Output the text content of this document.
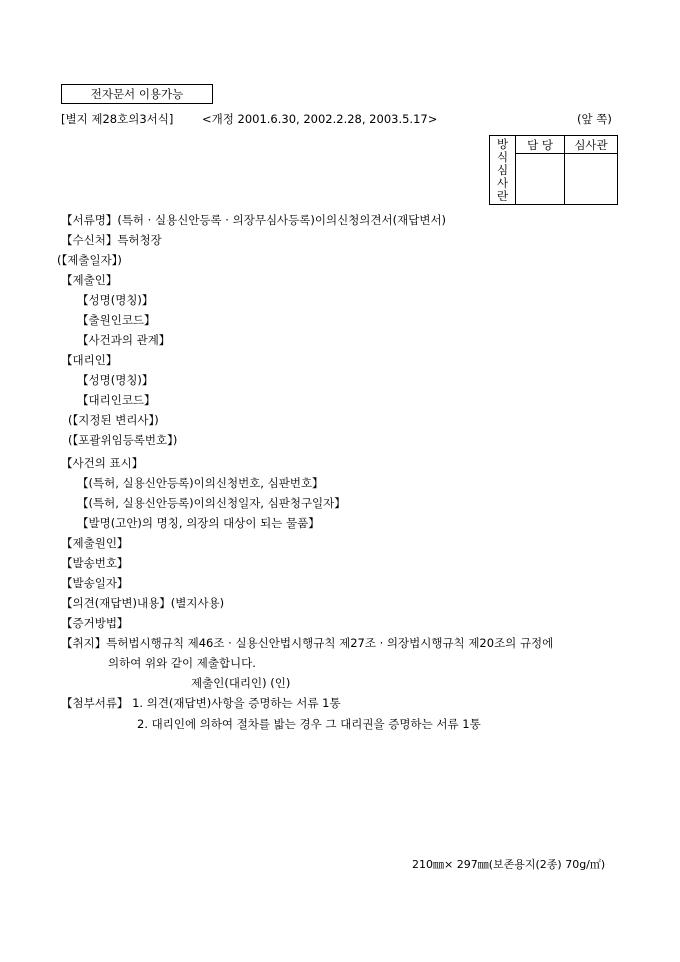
전자문서 이용가능
[별지 제28호의3서식] <개정 2001.6.30, 2002.2.28, 2003.5.17>	(앞 쪽)
방
식
심
사
란	담 당	심사관

【서류명】(특허 · 실용신안등록 · 의장무심사등록)이의신청의견서(재답변서)
【수신처】특허청장
(【제출일자】)
【제출인】
【성명(명칭)】
【출원인코드】
【사건과의 관계】
【대리인】
【성명(명칭)】
【대리인코드】
(【지정된 변리사】)
(【포괄위임등록번호】)
【사건의 표시】
【(특허, 실용신안등록)이의신청번호, 심판번호】
【(특허, 실용신안등록)이의신청일자, 심판청구일자】
【발명(고안)의 명칭, 의장의 대상이 되는 물품】
【제출원인】
【발송번호】
【발송일자】
【의견(재답변)내용】(별지사용)
【증거방법】
【취지】특허법시행규칙 제46조 · 실용신안법시행규칙 제27조 · 의장법시행규칙 제20조의 규정에
의하여 위와 같이 제출합니다.
제출인(대리인) (인)
【첨부서류】 1. 의견(재답변)사항을 증명하는 서류 1통
2. 대리인에 의하여 절차를 밟는 경우 그 대리권을 증명하는 서류 1통
210㎜× 297㎜(보존용지(2종) 70g/㎡)
